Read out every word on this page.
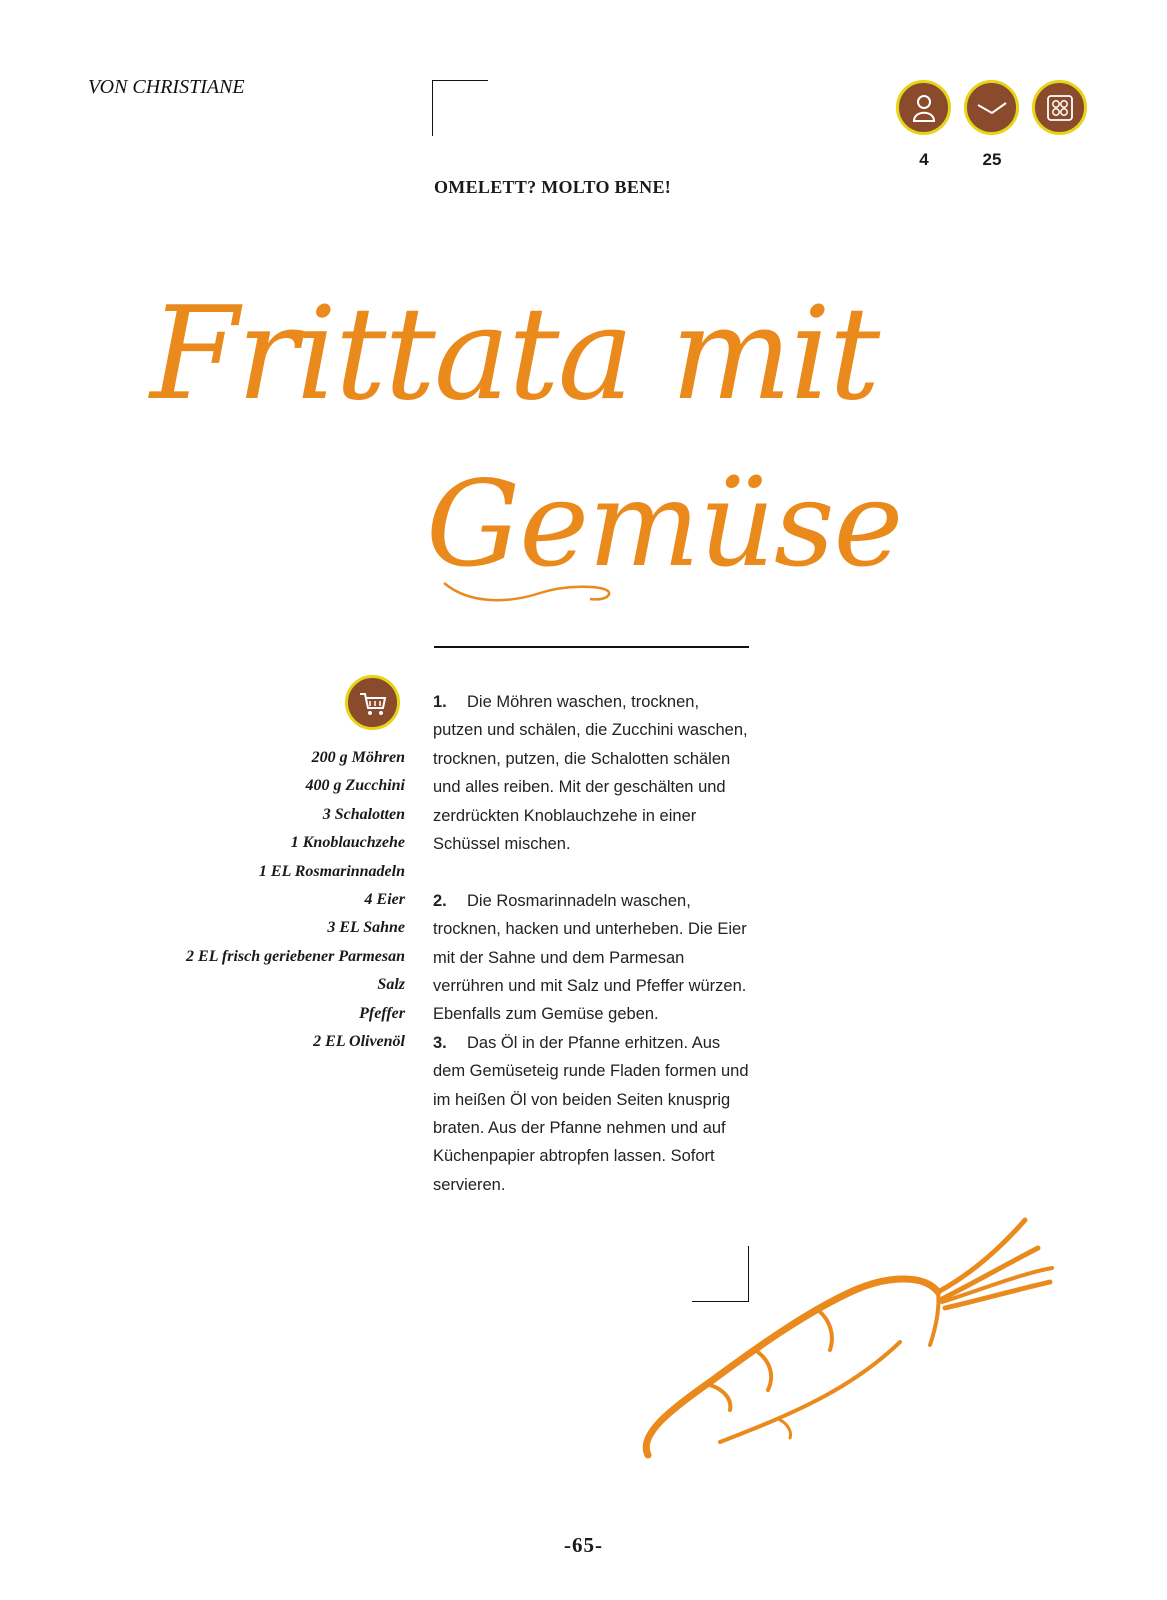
VON CHRISTIANE
OMELETT? MOLTO BENE!
4	25
Frittata mit
Gemüse
200 g Möhren
400 g Zucchini
3 Schalotten
1 Knoblauchzehe
1 EL Rosmarinnadeln
4 Eier
3 EL Sahne
2 EL frisch geriebener Parmesan
Salz
Pfeffer
2 EL Olivenöl

1. Die Möhren waschen, trocknen, putzen und schälen, die Zucchini waschen, trocknen, putzen, die Schalotten schälen und alles reiben. Mit der geschälten und zerdrückten Knoblauchzehe in einer Schüssel mischen.

2. Die Rosmarinnadeln waschen, trocknen, hacken und unterheben. Die Eier mit der Sahne und dem Parmesan verrühren und mit Salz und Pfeffer würzen. Ebenfalls zum Gemüse geben.

3. Das Öl in der Pfanne erhitzen. Aus dem Gemüseteig runde Fladen formen und im heißen Öl von beiden Seiten knusprig braten. Aus der Pfanne nehmen und auf Küchenpapier abtropfen lassen. Sofort servieren.

-65-
